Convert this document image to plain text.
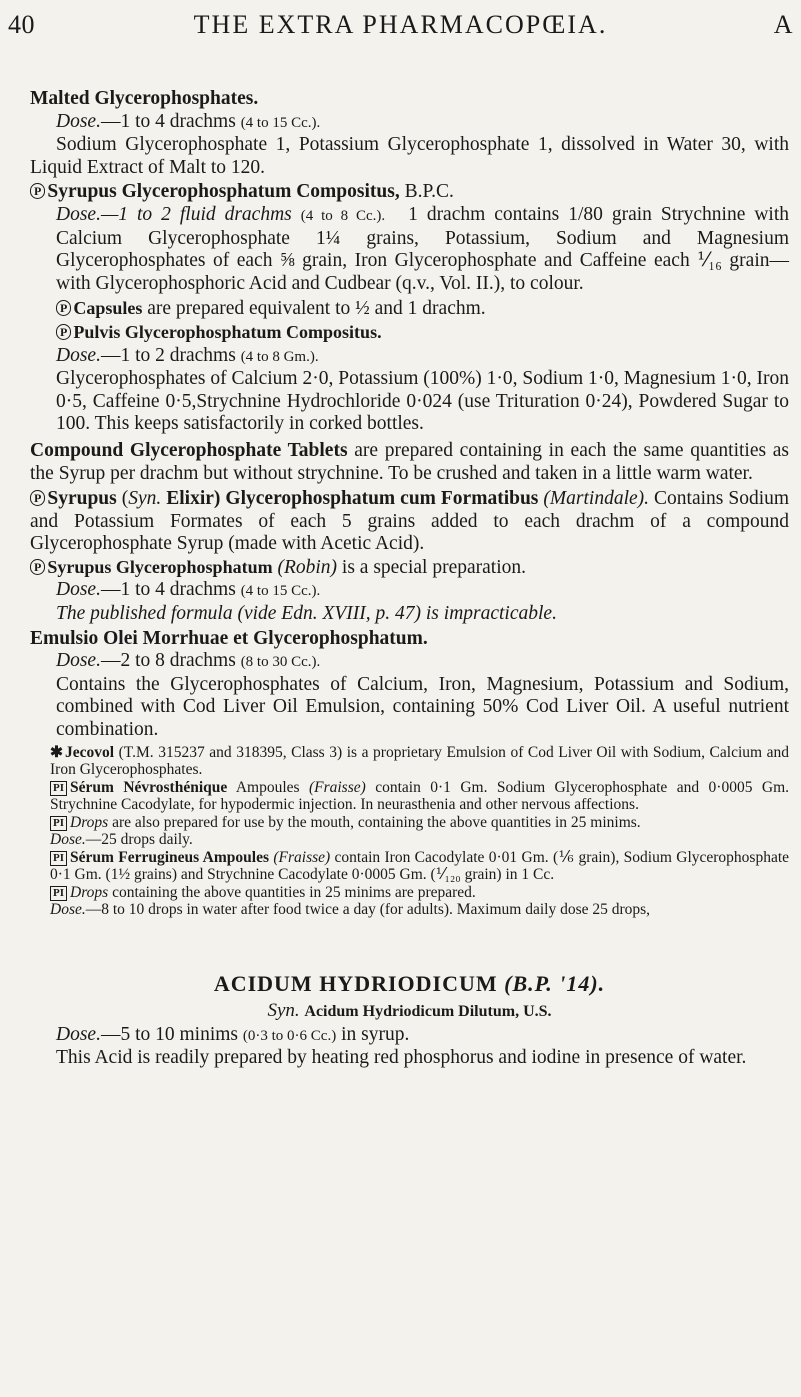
40	THE EXTRA PHARMACOPŒIA.	A
Malted Glycerophosphates.
Dose.—1 to 4 drachms (4 to 15 Cc.).

Sodium Glycerophosphate 1, Potassium Glycerophosphate 1, dissolved in Water 30, with Liquid Extract of Malt to 120.

P Syrupus Glycerophosphatum Compositus, B.P.C.
Dose.—1 to 2 fluid drachms (4 to 8 Cc.). 1 drachm contains 1/80 grain Strychnine with Calcium Glycerophosphate 1¼ grains, Potassium, Sodium and Magnesium Glycerophosphates of each ⅝ grain, Iron Glycerophosphate and Caffeine each ⅟₁₆ grain—with Glycerophosphoric Acid and Cudbear (q.v., Vol. II.), to colour.
P Capsules are prepared equivalent to ½ and 1 drachm.
P Pulvis Glycerophosphatum Compositus.
Dose.—1 to 2 drachms (4 to 8 Gm.).

Glycerophosphates of Calcium 2·0, Potassium (100%) 1·0, Sodium 1·0, Magnesium 1·0, Iron 0·5, Caffeine 0·5,Strychnine Hydrochloride 0·024 (use Trituration 0·24), Powdered Sugar to 100. This keeps satisfactorily in corked bottles.

Compound Glycerophosphate Tablets are prepared containing in each the same quantities as the Syrup per drachm but without strychnine. To be crushed and taken in a little warm water.

P Syrupus (Syn. Elixir) Glycerophosphatum cum Formatibus (Martindale). Contains Sodium and Potassium Formates of each 5 grains added to each drachm of a compound Glycerophosphate Syrup (made with Acetic Acid).

P Syrupus Glycerophosphatum (Robin) is a special preparation.

Dose.—1 to 4 drachms (4 to 15 Cc.).
The published formula (vide Edn. XVIII, p. 47) is impracticable.
Emulsio Olei Morrhuae et Glycerophosphatum.
Dose.—2 to 8 drachms (8 to 30 Cc.).

Contains the Glycerophosphates of Calcium, Iron, Magnesium, Potassium and Sodium, combined with Cod Liver Oil Emulsion, containing 50% Cod Liver Oil. A useful nutrient combination.

✱ Jecovol (T.M. 315237 and 318395, Class 3) is a proprietary Emulsion of Cod Liver Oil with Sodium, Calcium and Iron Glycerophosphates.

PI Sérum Névrosthénique Ampoules (Fraisse) contain 0·1 Gm. Sodium Glycerophosphate and 0·0005 Gm. Strychnine Cacodylate, for hypodermic injection. In neurasthenia and other nervous affections.

PI Drops are also prepared for use by the mouth, containing the above quantities in 25 minims.

Dose.—25 drops daily.

PI Sérum Ferrugineus Ampoules (Fraisse) contain Iron Cacodylate 0·01 Gm. (⅙ grain), Sodium Glycerophosphate 0·1 Gm. (1½ grains) and Strychnine Cacodylate 0·0005 Gm. (⅟₁₂₀ grain) in 1 Cc.

PI Drops containing the above quantities in 25 minims are prepared.

Dose.—8 to 10 drops in water after food twice a day (for adults). Maximum daily dose 25 drops,
ACIDUM HYDRIODICUM (B.P. '14).
Syn. Acidum Hydriodicum Dilutum, U.S.
Dose.—5 to 10 minims (0·3 to 0·6 Cc.) in syrup.

This Acid is readily prepared by heating red phosphorus and iodine in presence of water.
